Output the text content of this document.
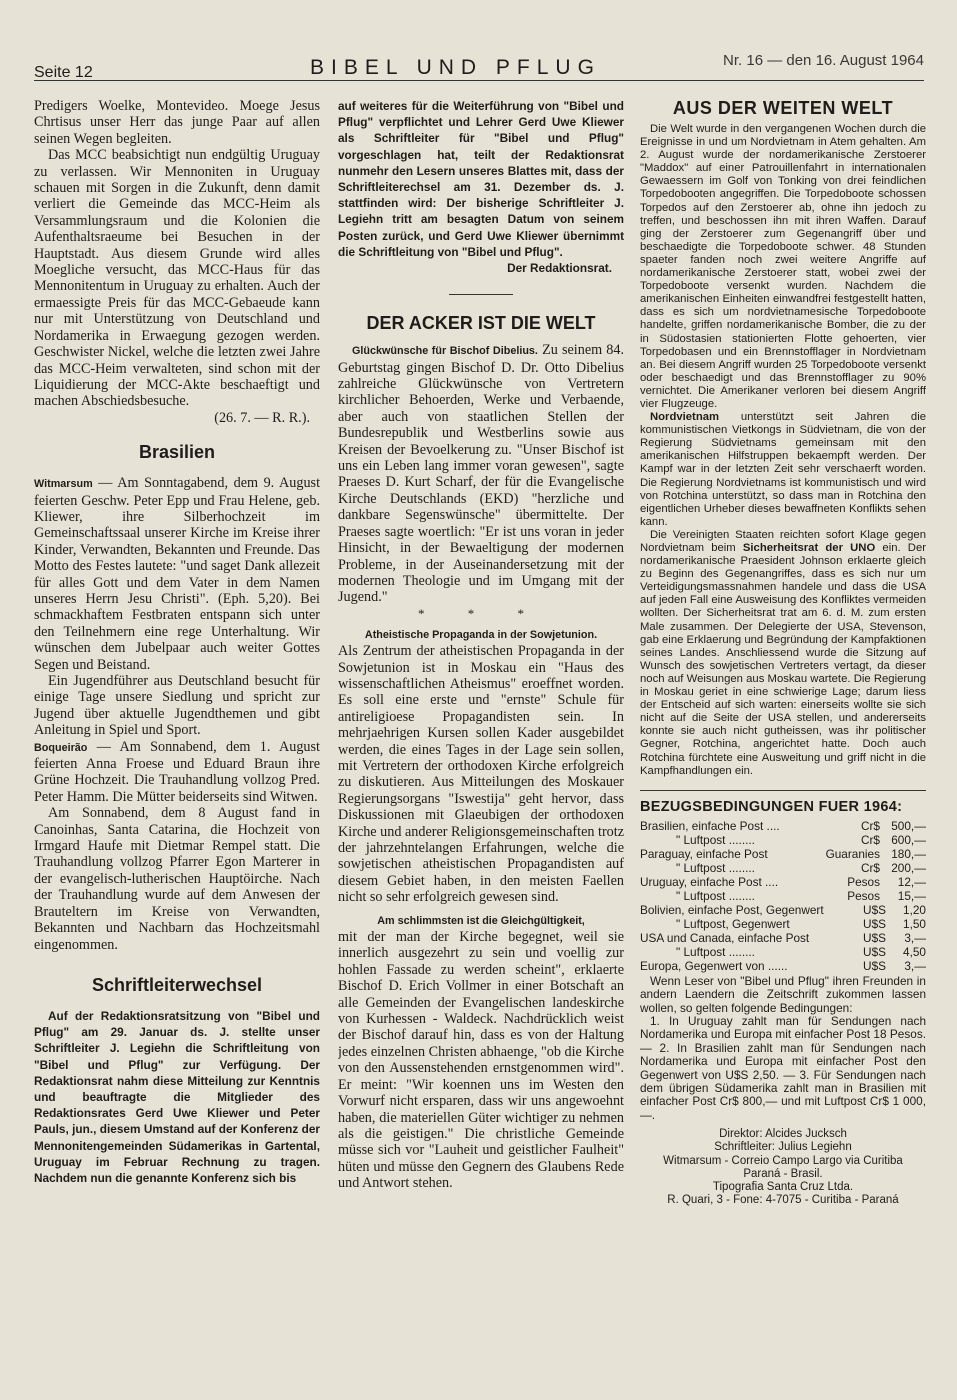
Seite 12	BIBEL UND PFLUG	Nr. 16 — den 16. August 1964

Predigers Woelke, Montevideo. Moege Jesus Chrtisus unser Herr das junge Paar auf allen seinen Wegen begleiten.

Das MCC beabsichtigt nun endgültig Uruguay zu verlassen. Wir Mennoniten in Uruguay schauen mit Sorgen in die Zukunft, denn damit verliert die Gemeinde das MCC-Heim als Versammlungsraum und die Kolonien die Aufenthaltsraeume bei Besuchen in der Hauptstadt. Aus diesem Grunde wird alles Moegliche versucht, das MCC-Haus für das Mennonitentum in Uruguay zu erhalten. Auch der ermaessigte Preis für das MCC-Gebaeude kann nur mit Unterstützung von Deutschland und Nordamerika in Erwaegung gezogen werden. Geschwister Nickel, welche die letzten zwei Jahre das MCC-Heim verwalteten, sind schon mit der Liquidierung der MCC-Akte beschaeftigt und machen Abschiedsbesuche.

(26. 7. — R. R.).

Brasilien

Witmarsum — Am Sonntagabend, dem 9. August feierten Geschw. Peter Epp und Frau Helene, geb. Kliewer, ihre Silberhochzeit im Gemeinschaftssaal unserer Kirche im Kreise ihrer Kinder, Verwandten, Bekannten und Freunde. Das Motto des Festes lautete: "und saget Dank allezeit für alles Gott und dem Vater in dem Namen unseres Herrn Jesu Christi". (Eph. 5,20). Bei schmackhaftem Festbraten entspann sich unter den Teilnehmern eine rege Unterhaltung. Wir wünschen dem Jubelpaar auch weiter Gottes Segen und Beistand.

Ein Jugendführer aus Deutschland besucht für einige Tage unsere Siedlung und spricht zur Jugend über aktuelle Jugendthemen und gibt Anleitung in Spiel und Sport.

Boqueirão — Am Sonnabend, dem 1. August feierten Anna Froese und Eduard Braun ihre Grüne Hochzeit. Die Trauhandlung vollzog Pred. Peter Hamm. Die Mütter beiderseits sind Witwen.

Am Sonnabend, dem 8 August fand in Canoinhas, Santa Catarina, die Hochzeit von Irmgard Haufe mit Dietmar Rempel statt. Die Trauhandlung vollzog Pfarrer Egon Marterer in der evangelisch-lutherischen Hauptöirche. Nach der Trauhandlung wurde auf dem Anwesen der Brauteltern im Kreise von Verwandten, Bekannten und Nachbarn das Hochzeitsmahl eingenommen.

Schriftleiterwechsel

Auf der Redaktionsratsitzung von "Bibel und Pflug" am 29. Januar ds. J. stellte unser Schriftleiter J. Legiehn die Schriftleitung von "Bibel und Pflug" zur Verfügung. Der Redaktionsrat nahm diese Mitteilung zur Kenntnis und beauftragte die Mitglieder des Redaktionsrates Gerd Uwe Kliewer und Peter Pauls, jun., diesem Umstand auf der Konferenz der Mennonitengemeinden Südamerikas in Gartental, Uruguay im Februar Rechnung zu tragen. Nachdem nun die genannte Konferenz sich bis

auf weiteres für die Weiterführung von "Bibel und Pflug" verpflichtet und Lehrer Gerd Uwe Kliewer als Schriftleiter für "Bibel und Pflug" vorgeschlagen hat, teilt der Redaktionsrat nunmehr den Lesern unseres Blattes mit, dass der Schriftleiterechsel am 31. Dezember ds. J. stattfinden wird: Der bisherige Schriftleiter J. Legiehn tritt am besagten Datum von seinem Posten zurück, und Gerd Uwe Kliewer übernimmt die Schriftleitung von "Bibel und Pflug".

Der Redaktionsrat.

DER ACKER IST DIE WELT

Glückwünsche für Bischof Dibelius. Zu seinem 84. Geburtstag gingen Bischof D. Dr. Otto Dibelius zahlreiche Glückwünsche von Vertretern kirchlicher Behoerden, Werke und Verbaende, aber auch von staatlichen Stellen der Bundesrepublik und Westberlins sowie aus Kreisen der Bevoelkerung zu. "Unser Bischof ist uns ein Leben lang immer voran gewesen", sagte Praeses D. Kurt Scharf, der für die Evangelische Kirche Deutschlands (EKD) "herzliche und dankbare Segenswünsche" übermittelte. Der Praeses sagte woertlich: "Er ist uns voran in jeder Hinsicht, in der Bewaeltigung der modernen Probleme, in der Auseinandersetzung mit der modernen Theologie und im Umgang mit der Jugend."

* * *

Atheistische Propaganda in der Sowjetunion.

Als Zentrum der atheistischen Propaganda in der Sowjetunion ist in Moskau ein "Haus des wissenschaftlichen Atheismus" eroeffnet worden. Es soll eine erste und "ernste" Schule für antireligioese Propagandisten sein. In mehrjaehrigen Kursen sollen Kader ausgebildet werden, die eines Tages in der Lage sein sollen, mit Vertretern der orthodoxen Kirche erfolgreich zu diskutieren. Aus Mitteilungen des Moskauer Regierungsorgans "Iswestija" geht hervor, dass Diskussionen mit Glaeubigen der orthodoxen Kirche und anderer Religionsgemeinschaften trotz der jahrzehntelangen Erfahrungen, welche die sowjetischen atheistischen Propagandisten auf diesem Gebiet haben, in den meisten Faellen nicht so sehr erfolgreich gewesen sind.

Am schlimmsten ist die Gleichgültigkeit,

mit der man der Kirche begegnet, weil sie innerlich ausgezehrt zu sein und voellig zur hohlen Fassade zu werden scheint", erklaerte Bischof D. Erich Vollmer in einer Botschaft an alle Gemeinden der Evangelischen landeskirche von Kurhessen - Waldeck. Nachdrücklich weist der Bischof darauf hin, dass es von der Haltung jedes einzelnen Christen abhaenge, "ob die Kirche von den Aussenstehenden ernstgenommen wird". Er meint: "Wir koennen uns im Westen den Vorwurf nicht ersparen, dass wir uns angewoehnt haben, die materiellen Güter wichtiger zu nehmen als die geistigen." Die christliche Gemeinde müsse sich vor "Lauheit und geistlicher Faulheit" hüten und müsse den Gegnern des Glaubens Rede und Antwort stehen.

AUS DER WEITEN WELT

Die Welt wurde in den vergangenen Wochen durch die Ereignisse in und um Nordvietnam in Atem gehalten. Am 2. August wurde der nordamerikanische Zerstoerer "Maddox" auf einer Patrouillenfahrt in internationalen Gewaessern im Golf von Tonking von drei feindlichen Torpedobooten angegriffen. Die Torpedoboote schossen Torpedos auf den Zerstoerer ab, ohne ihn jedoch zu treffen, und beschossen ihn mit ihren Waffen. Darauf ging der Zerstoerer zum Gegenangriff über und beschaedigte die Torpedoboote schwer. 48 Stunden spaeter fanden noch zwei weitere Angriffe auf nordamerikanische Zerstoerer statt, wobei zwei der Torpedoboote versenkt wurden. Nachdem die amerikanischen Einheiten einwandfrei festgestellt hatten, dass es sich um nordvietnamesische Torpedoboote handelte, griffen nordamerikanische Bomber, die zu der in Südostasien stationierten Flotte gehoerten, vier Torpedobasen und ein Brennstofflager in Nordvietnam an. Bei diesem Angriff wurden 25 Torpedoboote versenkt oder beschaedigt und das Brennstofflager zu 90% vernichtet. Die Amerikaner verloren bei diesem Angriff vier Flugzeuge.

Nordvietnam unterstützt seit Jahren die kommunistischen Vietkongs in Südvietnam, die von der Regierung Südvietnams gemeinsam mit den amerikanischen Hilfstruppen bekaempft werden. Der Kampf war in der letzten Zeit sehr verschaerft worden. Die Regierung Nordvietnams ist kommunistisch und wird von Rotchina unterstützt, so dass man in Rotchina den eigentlichen Urheber dieses bewaffneten Konflikts sehen kann.

Die Vereinigten Staaten reichten sofort Klage gegen Nordvietnam beim Sicherheitsrat der UNO ein. Der nordamerikanische Praesident Johnson erklaerte gleich zu Beginn des Gegenangriffes, dass es sich nur um Verteidigungsmassnahmen handele und dass die USA auf jeden Fall eine Ausweisung des Konfliktes vermeiden wollten. Der Sicherheitsrat trat am 6. d. M. zum ersten Male zusammen. Der Delegierte der USA, Stevenson, gab eine Erklaerung und Begründung der Kampfaktionen seines Landes. Anschliessend wurde die Sitzung auf Wunsch des sowjetischen Vertreters vertagt, da dieser noch auf Weisungen aus Moskau wartete. Die Regierung in Moskau geriet in eine schwierige Lage; darum liess der Entscheid auf sich warten: einerseits wollte sie sich nicht auf die Seite der USA stellen, und andererseits konnte sie auch nicht gutheissen, was ihr politischer Gegner, Rotchina, angerichtet hatte. Doch auch Rotchina fürchtete eine Ausweitung und griff nicht in die Kampfhandlungen ein.

BEZUGSBEDINGUNGEN FUER 1964:
Brasilien, einfache Post ....	Cr$ 500,—
" Luftpost ........	Cr$ 600,—
Paraguay, einfache Post	Guaranies 180,—
" Luftpost ........	Cr$ 200,—
Uruguay, einfache Post ....	Pesos	12,—
" Luftpost ........	Pesos	15,—
Bolivien, einfache Post, Gegenwert	U$S	1,20
" Luftpost, Gegenwert	U$S	1,50
USA und Canada, einfache Post	U$S	3,—
" Luftpost ........	U$S	4,50
Europa, Gegenwert von ......	U$S	3,—

Wenn Leser von "Bibel und Pflug" ihren Freunden in andern Laendern die Zeitschrift zukommen lassen wollen, so gelten folgende Bedingungen:

1. In Uruguay zahlt man für Sendungen nach Nordamerika und Europa mit einfacher Post 18 Pesos. — 2. In Brasilien zahlt man für Sendungen nach Nordamerika und Europa mit einfacher Post den Gegenwert von U$S 2,50. — 3. Für Sendungen nach dem übrigen Südamerika zahlt man in Brasilien mit einfacher Post Cr$ 800,— und mit Luftpost Cr$ 1 000,—.

Direktor: Alcides Jucksch
Schriftleiter: Julius Legiehn
Witmarsum - Correio Campo Largo via Curitiba
Paraná - Brasil.
Tipografia Santa Cruz Ltda.
R. Quari, 3 - Fone: 4-7075 - Curitiba - Paraná
